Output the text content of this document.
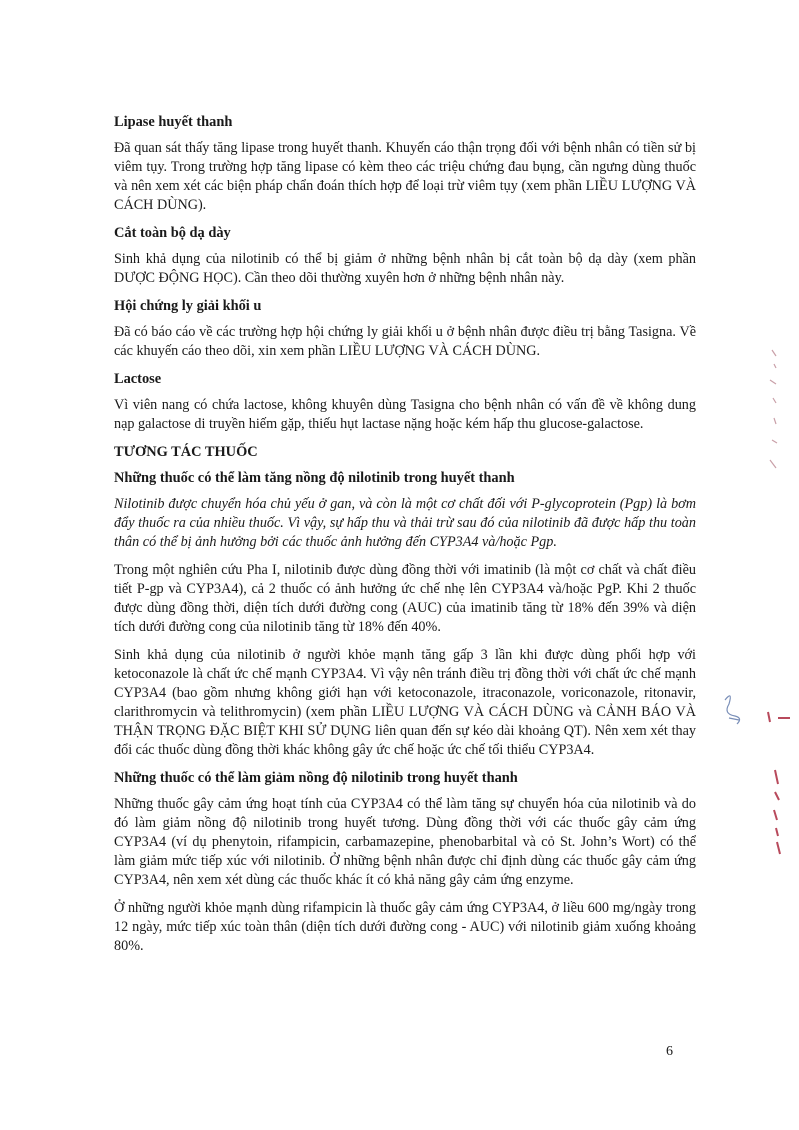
Lipase huyết thanh

Đã quan sát thấy tăng lipase trong huyết thanh. Khuyến cáo thận trọng đối với bệnh nhân có tiền sử bị viêm tụy. Trong trường hợp tăng lipase có kèm theo các triệu chứng đau bụng, cần ngưng dùng thuốc và nên xem xét các biện pháp chẩn đoán thích hợp để loại trừ viêm tụy (xem phần LIỀU LƯỢNG VÀ CÁCH DÙNG).

Cắt toàn bộ dạ dày

Sinh khả dụng của nilotinib có thể bị giảm ở những bệnh nhân bị cắt toàn bộ dạ dày (xem phần DƯỢC ĐỘNG HỌC). Cần theo dõi thường xuyên hơn ở những bệnh nhân này.

Hội chứng ly giải khối u

Đã có báo cáo về các trường hợp hội chứng ly giải khối u ở bệnh nhân được điều trị bằng Tasigna. Về các khuyến cáo theo dõi, xin xem phần LIỀU LƯỢNG VÀ CÁCH DÙNG.

Lactose

Vì viên nang có chứa lactose, không khuyên dùng Tasigna cho bệnh nhân có vấn đề về không dung nạp galactose di truyền hiếm gặp, thiếu hụt lactase nặng hoặc kém hấp thu glucose-galactose.

TƯƠNG TÁC THUỐC
Những thuốc có thể làm tăng nồng độ nilotinib trong huyết thanh

Nilotinib được chuyển hóa chủ yếu ở gan, và còn là một cơ chất đối với P-glycoprotein (Pgp) là bơm đẩy thuốc ra của nhiều thuốc. Vì vậy, sự hấp thu và thải trừ sau đó của nilotinib đã được hấp thu toàn thân có thể bị ảnh hưởng bởi các thuốc ảnh hưởng đến CYP3A4 và/hoặc Pgp.

Trong một nghiên cứu Pha I, nilotinib được dùng đồng thời với imatinib (là một cơ chất và chất điều tiết P-gp và CYP3A4), cả 2 thuốc có ảnh hưởng ức chế nhẹ lên CYP3A4 và/hoặc PgP. Khi 2 thuốc được dùng đồng thời, diện tích dưới đường cong (AUC) của imatinib tăng từ 18% đến 39% và diện tích dưới đường cong của nilotinib tăng từ 18% đến 40%.

Sinh khả dụng của nilotinib ở người khỏe mạnh tăng gấp 3 lần khi được dùng phối hợp với ketoconazole là chất ức chế mạnh CYP3A4. Vì vậy nên tránh điều trị đồng thời với chất ức chế mạnh CYP3A4 (bao gồm nhưng không giới hạn với ketoconazole, itraconazole, voriconazole, ritonavir, clarithromycin và telithromycin) (xem phần LIỀU LƯỢNG VÀ CÁCH DÙNG và CẢNH BÁO VÀ THẬN TRỌNG ĐẶC BIỆT KHI SỬ DỤNG liên quan đến sự kéo dài khoảng QT). Nên xem xét thay đổi các thuốc dùng đồng thời khác không gây ức chế hoặc ức chế tối thiểu CYP3A4.

Những thuốc có thể làm giảm nồng độ nilotinib trong huyết thanh

Những thuốc gây cảm ứng hoạt tính của CYP3A4 có thể làm tăng sự chuyển hóa của nilotinib và do đó làm giảm nồng độ nilotinib trong huyết tương. Dùng đồng thời với các thuốc gây cảm ứng CYP3A4 (ví dụ phenytoin, rifampicin, carbamazepine, phenobarbital và cỏ St. John’s Wort) có thể làm giảm mức tiếp xúc với nilotinib. Ở những bệnh nhân được chỉ định dùng các thuốc gây cảm ứng CYP3A4, nên xem xét dùng các thuốc khác ít có khả năng gây cảm ứng enzyme.

Ở những người khỏe mạnh dùng rifampicin là thuốc gây cảm ứng CYP3A4, ở liều 600 mg/ngày trong 12 ngày, mức tiếp xúc toàn thân (diện tích dưới đường cong - AUC) với nilotinib giảm xuống khoảng 80%.

6
